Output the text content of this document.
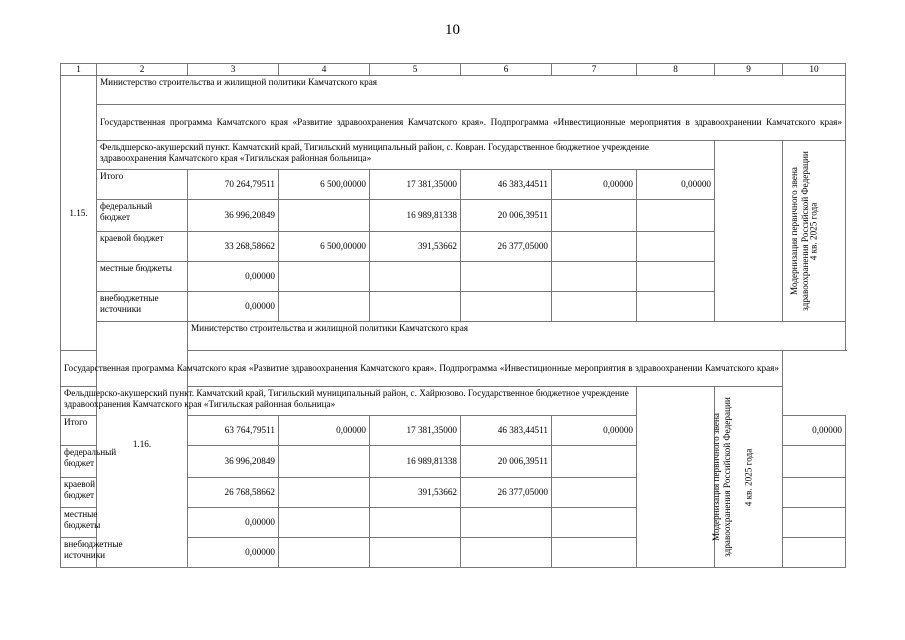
10
1	2	3	4	5	6	7	8	9	10
1.15.	Министерство строительства и жилищной политики Камчатского края								
	Государственная программа Камчатского края «Развитие здравоохранения Камчатского края». Подпрограмма «Инвестиционные мероприятия в здравоохранении Камчатского края»								
	Фельдшерско-акушерский пункт. Камчатский край, Тигильский муниципальный район, с. Ковран. Государственное бюджетное учреждение здравоохранения Камчатского края «Тигильская районная больница»							Модернизация первичного звена здравоохранения Российской Федерации	4 кв. 2025 года
	Итого	70 264,79511	6 500,00000	17 381,35000	46 383,44511	0,00000	0,00000		
	федеральный бюджет	36 996,20849		16 989,81338	20 006,39511				
	краевой бюджет	33 268,58662	6 500,00000	391,53662	26 377,05000				
	местные бюджеты	0,00000							
	внебюджетные источники	0,00000							
	1.16.	Министерство строительства и жилищной политики Камчатского края							
Государственная программа Камчатского края «Развитие здравоохранения Камчатского края». Подпрограмма «Инвестиционные мероприятия в здравоохранении Камчатского края»									
Фельдшерско-акушерский пункт. Камчатский край, Тигильский муниципальный район, с. Хайрюзово. Государственное бюджетное учреждение здравоохранения Камчатского края «Тигильская районная больница»							Модернизация первичного звена здравоохранения Российской Федерации	4 кв. 2025 года	
Итого		63 764,79511	0,00000	17 381,35000	46 383,44511	0,00000			0,00000
федеральный бюджет		36 996,20849		16 989,81338	20 006,39511				
краевой бюджет		26 768,58662		391,53662	26 377,05000				
местные бюджеты		0,00000							
внебюджетные источники		0,00000							
